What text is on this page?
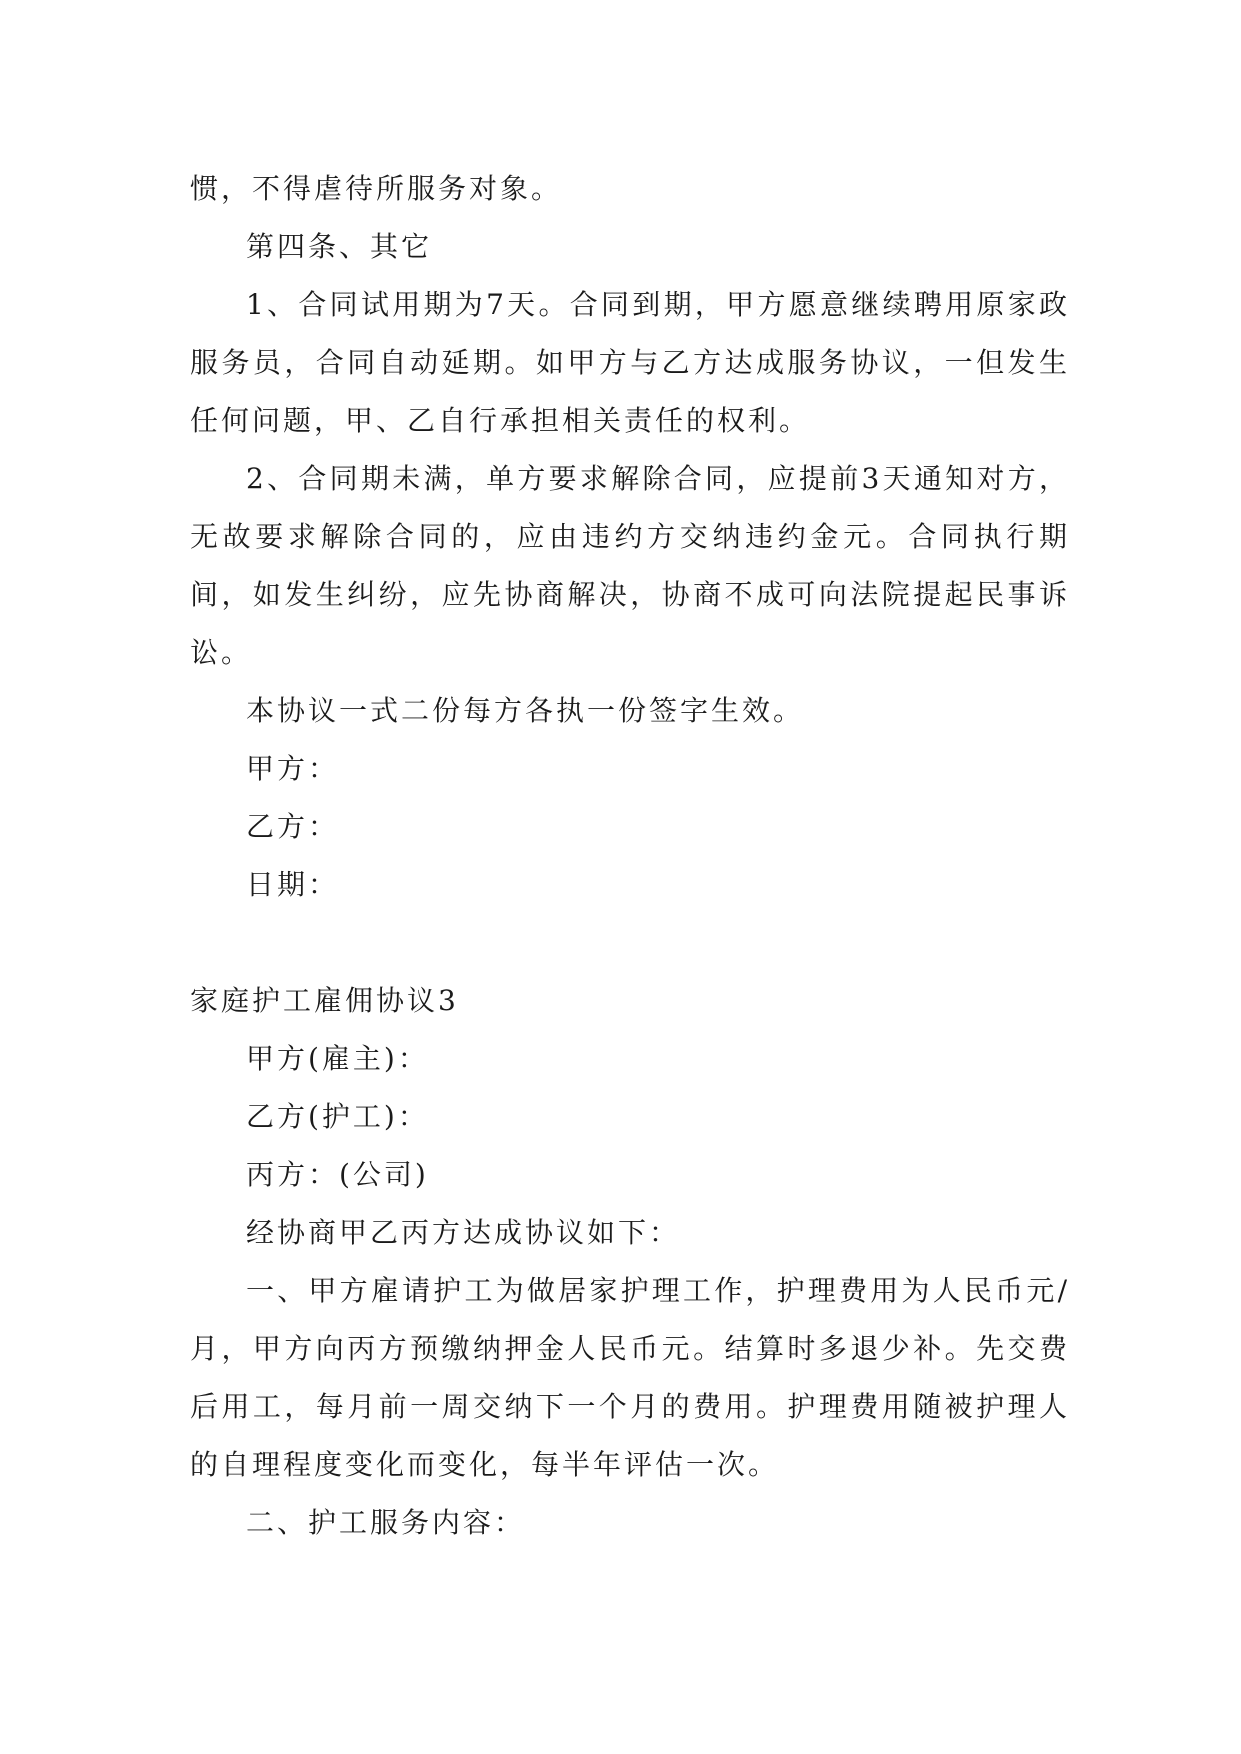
惯，不得虐待所服务对象。

第四条、其它

1、合同试用期为7天。合同到期，甲方愿意继续聘用原家政服务员，合同自动延期。如甲方与乙方达成服务协议，一但发生任何问题，甲、乙自行承担相关责任的权利。

2、合同期未满，单方要求解除合同，应提前3天通知对方，无故要求解除合同的，应由违约方交纳违约金元。合同执行期间，如发生纠纷，应先协商解决，协商不成可向法院提起民事诉讼。

本协议一式二份每方各执一份签字生效。

甲方：

乙方：

日期：

家庭护工雇佣协议3

甲方(雇主)：

乙方(护工)：

丙方：(公司)

经协商甲乙丙方达成协议如下：

一、甲方雇请护工为做居家护理工作，护理费用为人民币元/月，甲方向丙方预缴纳押金人民币元。结算时多退少补。先交费后用工，每月前一周交纳下一个月的费用。护理费用随被护理人的自理程度变化而变化，每半年评估一次。

二、护工服务内容：
